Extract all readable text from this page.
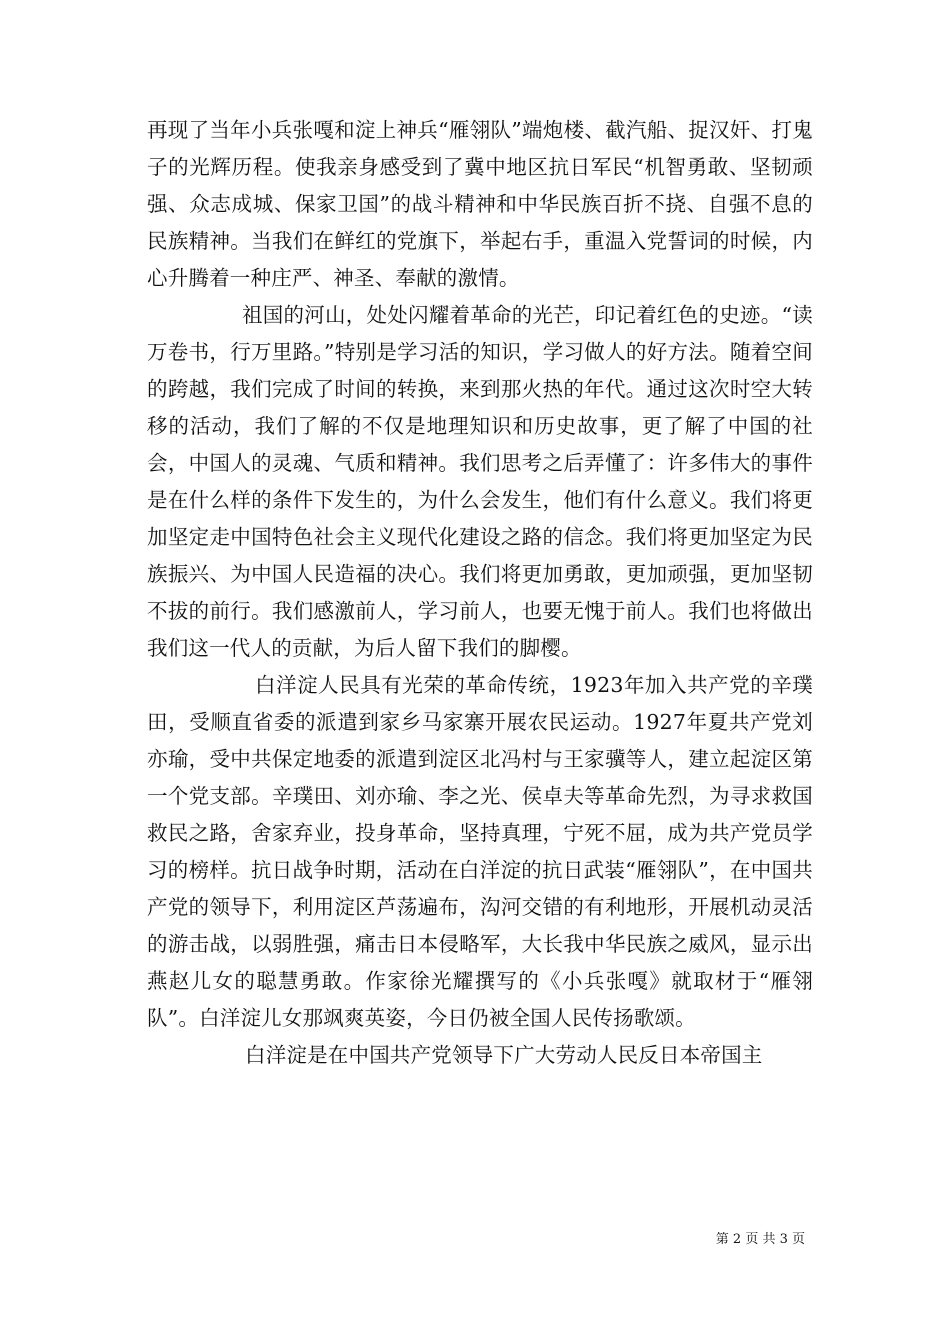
再现了当年小兵张嘎和淀上神兵“雁翎队”端炮楼、截汽船、捉汉奸、打鬼子的光辉历程。使我亲身感受到了冀中地区抗日军民“机智勇敢、坚韧顽强、众志成城、保家卫国”的战斗精神和中华民族百折不挠、自强不息的民族精神。当我们在鲜红的党旗下，举起右手，重温入党誓词的时候，内心升腾着一种庄严、神圣、奉献的激情。

祖国的河山，处处闪耀着革命的光芒，印记着红色的史迹。“读万卷书，行万里路。”特别是学习活的知识，学习做人的好方法。随着空间的跨越，我们完成了时间的转换，来到那火热的年代。通过这次时空大转移的活动，我们了解的不仅是地理知识和历史故事，更了解了中国的社会，中国人的灵魂、气质和精神。我们思考之后弄懂了：许多伟大的事件是在什么样的条件下发生的，为什么会发生，他们有什么意义。我们将更加坚定走中国特色社会主义现代化建设之路的信念。我们将更加坚定为民族振兴、为中国人民造福的决心。我们将更加勇敢，更加顽强，更加坚韧不拔的前行。我们感激前人，学习前人，也要无愧于前人。我们也将做出我们这一代人的贡献，为后人留下我们的脚樱。

白洋淀人民具有光荣的革命传统，1923年加入共产党的辛璞田，受顺直省委的派遣到家乡马家寨开展农民运动。1927年夏共产党刘亦瑜，受中共保定地委的派遣到淀区北冯村与王家骥等人，建立起淀区第一个党支部。辛璞田、刘亦瑜、李之光、侯卓夫等革命先烈，为寻求救国救民之路，舍家弃业，投身革命，坚持真理，宁死不屈，成为共产党员学习的榜样。抗日战争时期，活动在白洋淀的抗日武装“雁翎队”，在中国共产党的领导下，利用淀区芦荡遍布，沟河交错的有利地形，开展机动灵活的游击战，以弱胜强，痛击日本侵略军，大长我中华民族之威风，显示出燕赵儿女的聪慧勇敢。作家徐光耀撰写的《小兵张嘎》就取材于“雁翎队”。白洋淀儿女那飒爽英姿，今日仍被全国人民传扬歌颂。

白洋淀是在中国共产党领导下广大劳动人民反日本帝国主

第 2 页 共 3 页
